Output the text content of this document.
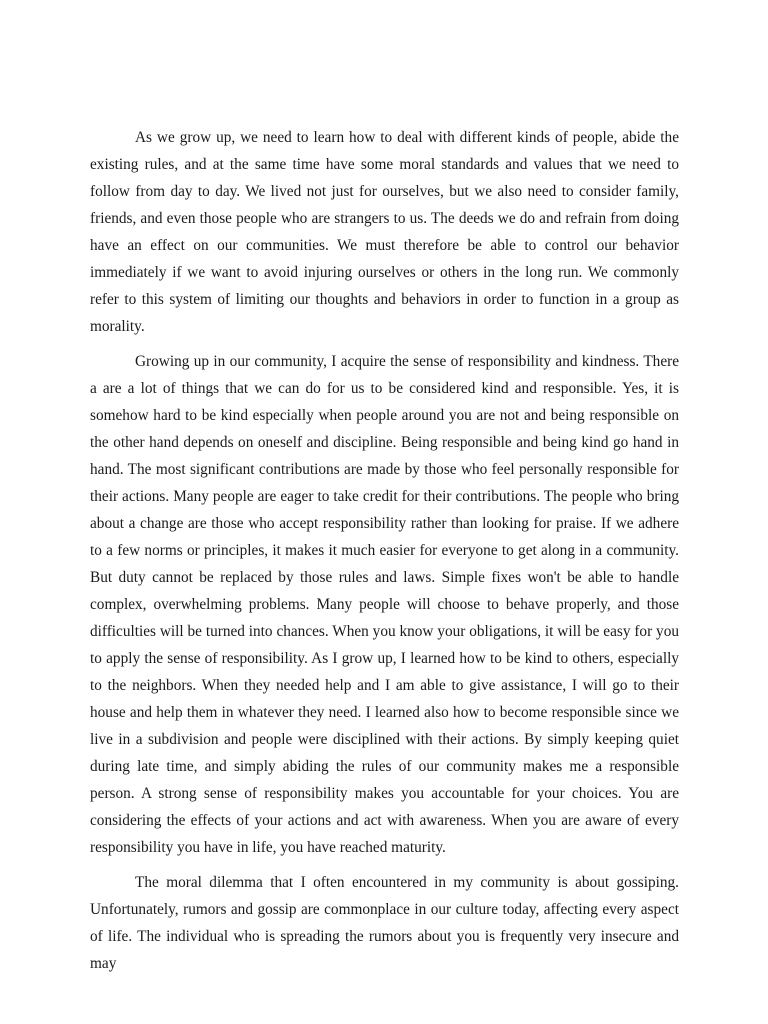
As we grow up, we need to learn how to deal with different kinds of people, abide the existing rules, and at the same time have some moral standards and values that we need to follow from day to day. We lived not just for ourselves, but we also need to consider family, friends, and even those people who are strangers to us. The deeds we do and refrain from doing have an effect on our communities. We must therefore be able to control our behavior immediately if we want to avoid injuring ourselves or others in the long run. We commonly refer to this system of limiting our thoughts and behaviors in order to function in a group as morality.

Growing up in our community, I acquire the sense of responsibility and kindness. There a are a lot of things that we can do for us to be considered kind and responsible. Yes, it is somehow hard to be kind especially when people around you are not and being responsible on the other hand depends on oneself and discipline. Being responsible and being kind go hand in hand. The most significant contributions are made by those who feel personally responsible for their actions. Many people are eager to take credit for their contributions. The people who bring about a change are those who accept responsibility rather than looking for praise. If we adhere to a few norms or principles, it makes it much easier for everyone to get along in a community. But duty cannot be replaced by those rules and laws. Simple fixes won't be able to handle complex, overwhelming problems. Many people will choose to behave properly, and those difficulties will be turned into chances. When you know your obligations, it will be easy for you to apply the sense of responsibility. As I grow up, I learned how to be kind to others, especially to the neighbors. When they needed help and I am able to give assistance, I will go to their house and help them in whatever they need. I learned also how to become responsible since we live in a subdivision and people were disciplined with their actions. By simply keeping quiet during late time, and simply abiding the rules of our community makes me a responsible person. A strong sense of responsibility makes you accountable for your choices. You are considering the effects of your actions and act with awareness. When you are aware of every responsibility you have in life, you have reached maturity.

The moral dilemma that I often encountered in my community is about gossiping. Unfortunately, rumors and gossip are commonplace in our culture today, affecting every aspect of life. The individual who is spreading the rumors about you is frequently very insecure and may
